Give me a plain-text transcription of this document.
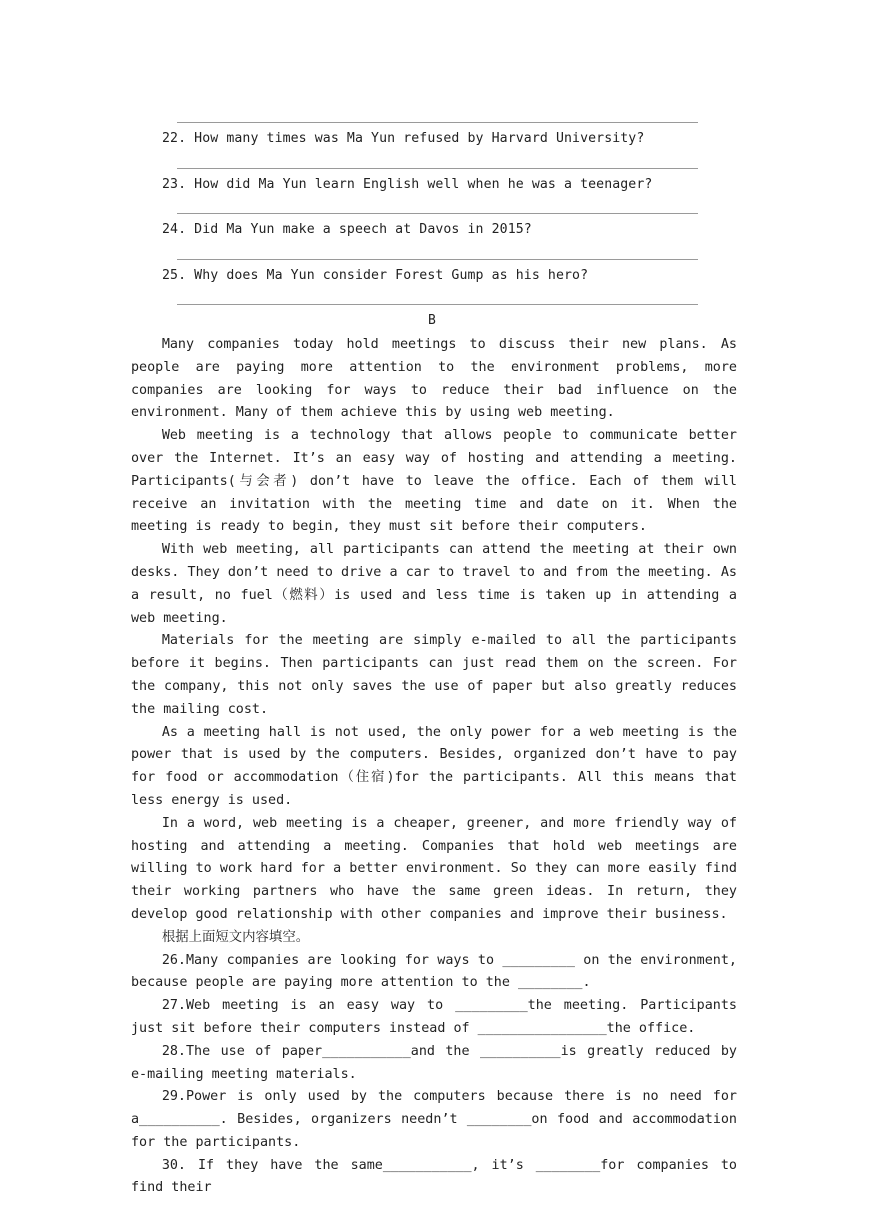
22. How many times was Ma Yun refused by Harvard University?
23. How did Ma Yun learn English well when he was a teenager?
24. Did Ma Yun make a speech at Davos in 2015?
25. Why does Ma Yun consider Forest Gump as his hero?
B

Many companies today hold meetings to discuss their new plans. As people are paying more attention to the environment problems, more companies are looking for ways to reduce their bad influence on the environment. Many of them achieve this by using web meeting.

Web meeting is a technology that allows people to communicate better over the Internet. It’s an easy way of hosting and attending a meeting. Participants(与会者) don’t have to leave the office. Each of them will receive an invitation with the meeting time and date on it. When the meeting is ready to begin, they must sit before their computers.

With web meeting, all participants can attend the meeting at their own desks. They don’t need to drive a car to travel to and from the meeting. As a result, no fuel（燃料）is used and less time is taken up in attending a web meeting.

Materials for the meeting are simply e-mailed to all the participants before it begins. Then participants can just read them on the screen. For the company, this not only saves the use of paper but also greatly reduces the mailing cost.

As a meeting hall is not used, the only power for a web meeting is the power that is used by the computers. Besides, organized don’t have to pay for food or accommodation（住宿)for the participants. All this means that less energy is used.

In a word, web meeting is a cheaper, greener, and more friendly way of hosting and attending a meeting. Companies that hold web meetings are willing to work hard for a better environment. So they can more easily find their working partners who have the same green ideas. In return, they develop good relationship with other companies and improve their business.

根据上面短文内容填空。

26.Many companies are looking for ways to _________ on the environment, because people are paying more attention to the ________.

27.Web meeting is an easy way to _________the meeting. Participants just sit before their computers instead of ________________the office.

28.The use of paper___________and the __________is greatly reduced by e-mailing meeting materials.

29.Power is only used by the computers because there is no need for a__________. Besides, organizers needn’t ________on food and accommodation for the participants.

30. If they have the same___________, it’s ________for companies to find their
